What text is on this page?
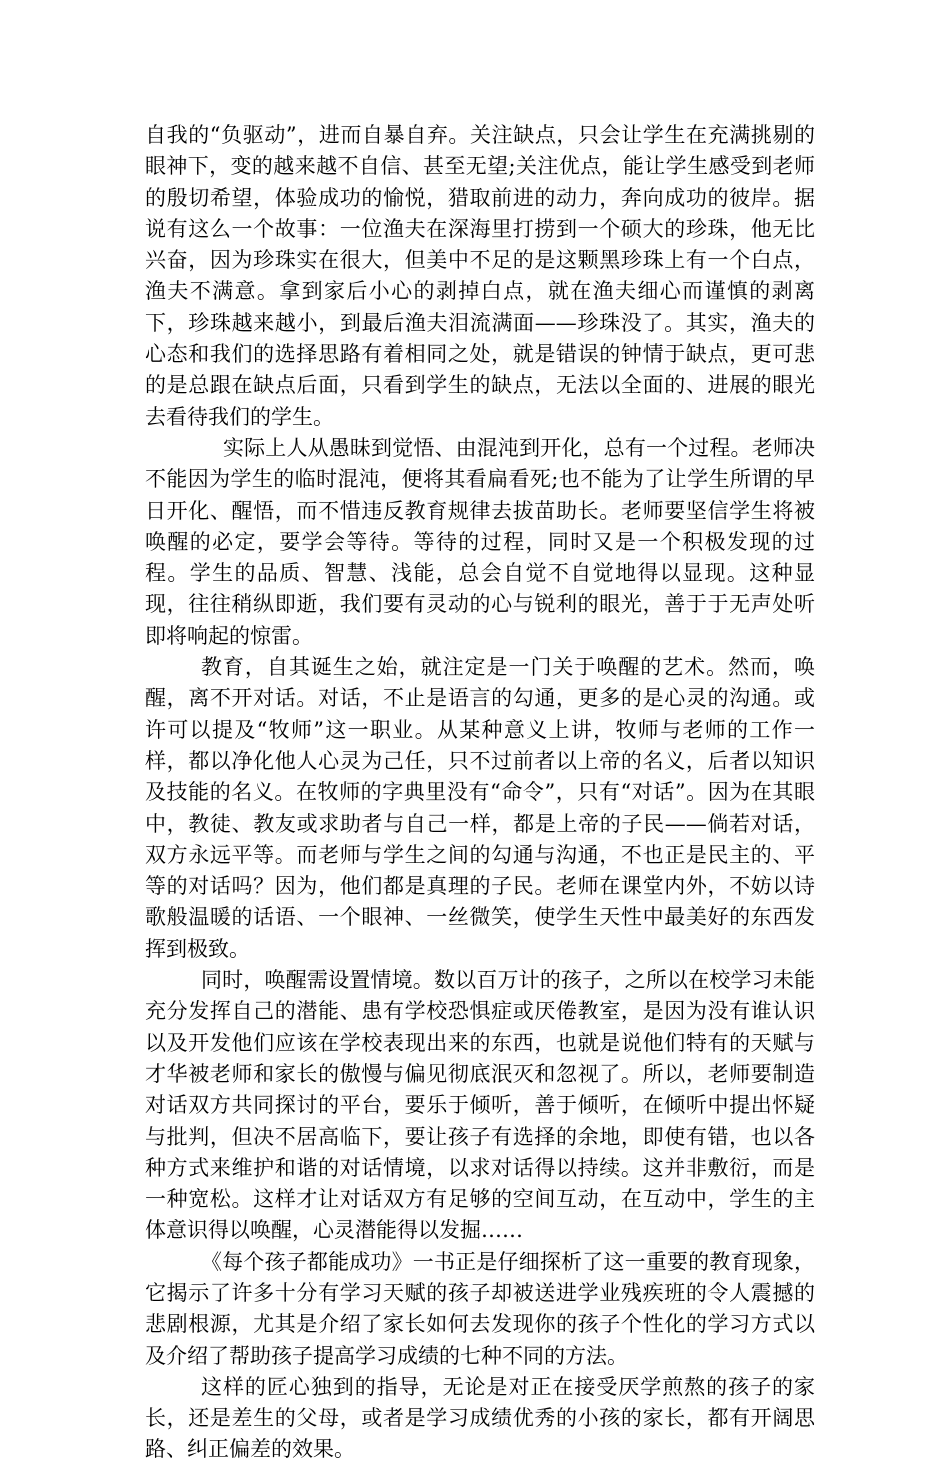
自我的“负驱动”，进而自暴自弃。关注缺点，只会让学生在充满挑剔的眼神下，变的越来越不自信、甚至无望;关注优点，能让学生感受到老师的殷切希望，体验成功的愉悦，猎取前进的动力，奔向成功的彼岸。据说有这么一个故事：一位渔夫在深海里打捞到一个硕大的珍珠，他无比兴奋，因为珍珠实在很大，但美中不足的是这颗黑珍珠上有一个白点，渔夫不满意。拿到家后小心的剥掉白点，就在渔夫细心而谨慎的剥离下，珍珠越来越小，到最后渔夫泪流满面——珍珠没了。其实，渔夫的心态和我们的选择思路有着相同之处，就是错误的钟情于缺点，更可悲的是总跟在缺点后面，只看到学生的缺点，无法以全面的、进展的眼光去看待我们的学生。

实际上人从愚昧到觉悟、由混沌到开化，总有一个过程。老师决不能因为学生的临时混沌，便将其看扁看死;也不能为了让学生所谓的早日开化、醒悟，而不惜违反教育规律去拔苗助长。老师要坚信学生将被唤醒的必定，要学会等待。等待的过程，同时又是一个积极发现的过程。学生的品质、智慧、浅能，总会自觉不自觉地得以显现。这种显现，往往稍纵即逝，我们要有灵动的心与锐利的眼光，善于于无声处听即将响起的惊雷。

教育，自其诞生之始，就注定是一门关于唤醒的艺术。然而，唤醒，离不开对话。对话，不止是语言的勾通，更多的是心灵的沟通。或许可以提及“牧师”这一职业。从某种意义上讲，牧师与老师的工作一样，都以净化他人心灵为己任，只不过前者以上帝的名义，后者以知识及技能的名义。在牧师的字典里没有“命令”，只有“对话”。因为在其眼中，教徒、教友或求助者与自己一样，都是上帝的子民——倘若对话，双方永远平等。而老师与学生之间的勾通与沟通，不也正是民主的、平等的对话吗？因为，他们都是真理的子民。老师在课堂内外，不妨以诗歌般温暖的话语、一个眼神、一丝微笑，使学生天性中最美好的东西发挥到极致。

同时，唤醒需设置情境。数以百万计的孩子，之所以在校学习未能充分发挥自己的潜能、患有学校恐惧症或厌倦教室，是因为没有谁认识以及开发他们应该在学校表现出来的东西，也就是说他们特有的天赋与才华被老师和家长的傲慢与偏见彻底泯灭和忽视了。所以，老师要制造对话双方共同探讨的平台，要乐于倾听，善于倾听，在倾听中提出怀疑与批判，但决不居高临下，要让孩子有选择的余地，即使有错，也以各种方式来维护和谐的对话情境，以求对话得以持续。这并非敷衍，而是一种宽松。这样才让对话双方有足够的空间互动，在互动中，学生的主体意识得以唤醒，心灵潜能得以发掘……

《每个孩子都能成功》一书正是仔细探析了这一重要的教育现象，它揭示了许多十分有学习天赋的孩子却被送进学业残疾班的令人震撼的悲剧根源，尤其是介绍了家长如何去发现你的孩子个性化的学习方式以及介绍了帮助孩子提高学习成绩的七种不同的方法。

这样的匠心独到的指导，无论是对正在接受厌学煎熬的孩子的家长，还是差生的父母，或者是学习成绩优秀的小孩的家长，都有开阔思路、纠正偏差的效果。
